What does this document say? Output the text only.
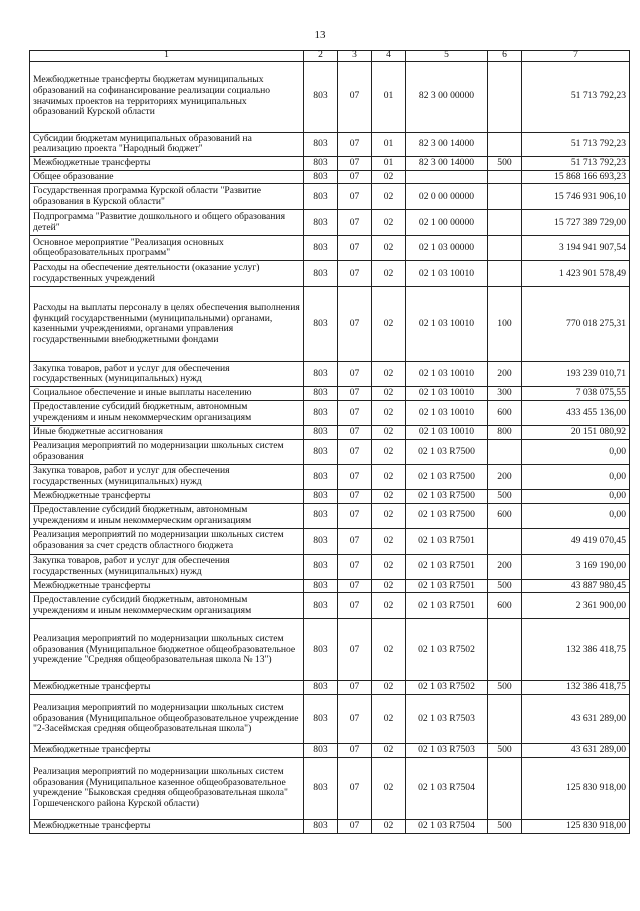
13
1	2	3	4	5	6	7
Межбюджетные трансферты бюджетам муниципальных образований на софинансирование реализации социально значимых проектов на территориях муниципальных образований Курской области	803	07	01	82 3 00 00000		51 713 792,23
Субсидии бюджетам муниципальных образований на реализацию проекта "Народный бюджет"	803	07	01	82 3 00 14000		51 713 792,23
Межбюджетные трансферты	803	07	01	82 3 00 14000	500	51 713 792,23
Общее образование	803	07	02			15 868 166 693,23
Государственная программа Курской области "Развитие образования в Курской области"	803	07	02	02 0 00 00000		15 746 931 906,10
Подпрограмма "Развитие дошкольного и общего образования детей"	803	07	02	02 1 00 00000		15 727 389 729,00
Основное мероприятие "Реализация основных общеобразовательных программ"	803	07	02	02 1 03 00000		3 194 941 907,54
Расходы на обеспечение деятельности (оказание услуг) государственных учреждений	803	07	02	02 1 03 10010		1 423 901 578,49
Расходы на выплаты персоналу в целях обеспечения выполнения функций государственными (муниципальными) органами, казенными учреждениями, органами управления государственными внебюджетными фондами	803	07	02	02 1 03 10010	100	770 018 275,31
Закупка товаров, работ и услуг для обеспечения государственных (муниципальных) нужд	803	07	02	02 1 03 10010	200	193 239 010,71
Социальное обеспечение и иные выплаты населению	803	07	02	02 1 03 10010	300	7 038 075,55
Предоставление субсидий бюджетным, автономным учреждениям и иным некоммерческим организациям	803	07	02	02 1 03 10010	600	433 455 136,00
Иные бюджетные ассигнования	803	07	02	02 1 03 10010	800	20 151 080,92
Реализация мероприятий по модернизации школьных систем образования	803	07	02	02 1 03 R7500		0,00
Закупка товаров, работ и услуг для обеспечения государственных (муниципальных) нужд	803	07	02	02 1 03 R7500	200	0,00
Межбюджетные трансферты	803	07	02	02 1 03 R7500	500	0,00
Предоставление субсидий бюджетным, автономным учреждениям и иным некоммерческим организациям	803	07	02	02 1 03 R7500	600	0,00
Реализация мероприятий по модернизации школьных систем образования за счет средств областного бюджета	803	07	02	02 1 03 R7501		49 419 070,45
Закупка товаров, работ и услуг для обеспечения государственных (муниципальных) нужд	803	07	02	02 1 03 R7501	200	3 169 190,00
Межбюджетные трансферты	803	07	02	02 1 03 R7501	500	43 887 980,45
Предоставление субсидий бюджетным, автономным учреждениям и иным некоммерческим организациям	803	07	02	02 1 03 R7501	600	2 361 900,00
Реализация мероприятий по модернизации школьных систем образования (Муниципальное бюджетное общеобразовательное учреждение "Средняя общеобразовательная школа № 13")	803	07	02	02 1 03 R7502		132 386 418,75
Межбюджетные трансферты	803	07	02	02 1 03 R7502	500	132 386 418,75
Реализация мероприятий по модернизации школьных систем образования (Муниципальное общеобразовательное учреждение "2-Засеймская средняя общеобразовательная школа")	803	07	02	02 1 03 R7503		43 631 289,00
Межбюджетные трансферты	803	07	02	02 1 03 R7503	500	43 631 289,00
Реализация мероприятий по модернизации школьных систем образования (Муниципальное казенное общеобразовательное учреждение "Быковская средняя общеобразовательная школа" Горшеченского района Курской области)	803	07	02	02 1 03 R7504		125 830 918,00
Межбюджетные трансферты	803	07	02	02 1 03 R7504	500	125 830 918,00
